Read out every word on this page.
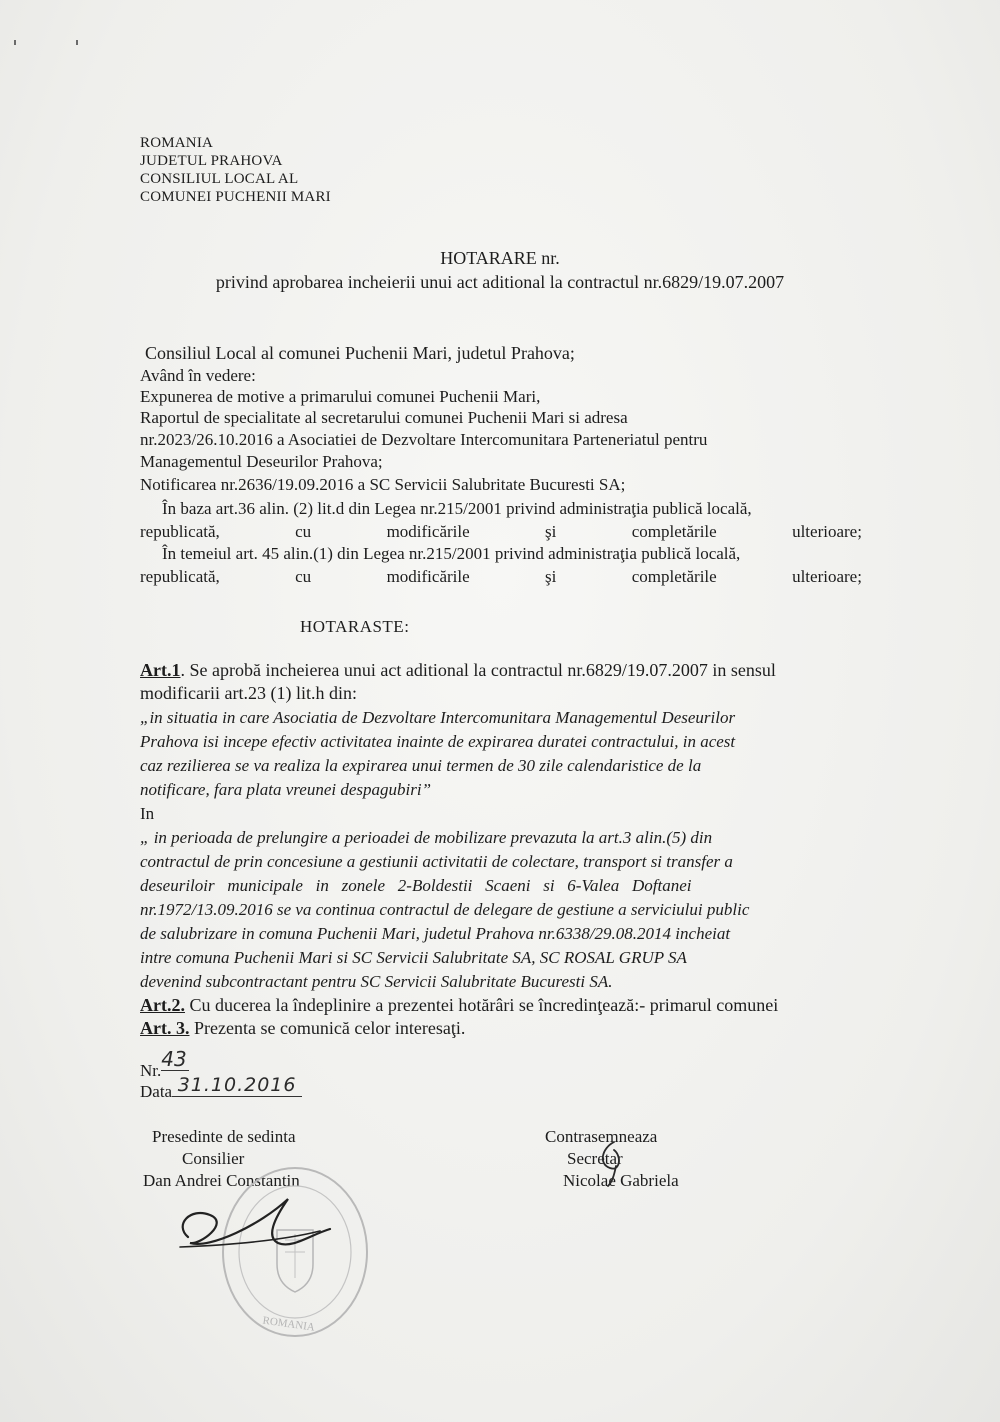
ROMANIA
JUDETUL PRAHOVA
CONSILIUL LOCAL AL
COMUNEI PUCHENII MARI
HOTARARE nr.
privind aprobarea incheierii unui act aditional la contractul nr.6829/19.07.2007
Consiliul Local al comunei Puchenii Mari, judetul Prahova;
Având în vedere:
Expunerea de motive a primarului comunei Puchenii Mari,
Raportul de specialitate al secretarului comunei Puchenii Mari si adresa
nr.2023/26.10.2016 a Asociatiei de Dezvoltare Intercomunitara Parteneriatul pentru
Managementul Deseurilor Prahova;
Notificarea nr.2636/19.09.2016 a SC Servicii Salubritate Bucuresti SA;
În baza art.36 alin. (2) lit.d din Legea nr.215/2001 privind administraţia publică locală,
republicată,	cu	modificările	şi	completările	ulterioare;
În temeiul art. 45 alin.(1) din Legea nr.215/2001 privind administraţia publică locală,
republicată,	cu	modificările	şi	completările	ulterioare;
HOTARASTE:
Art.1. Se aprobă incheierea unui act aditional la contractul nr.6829/19.07.2007 in sensul
modificarii art.23 (1) lit.h din:
„in situatia in care Asociatia de Dezvoltare Intercomunitara Managementul Deseurilor
Prahova isi incepe efectiv activitatea inainte de expirarea duratei contractului, in acest
caz rezilierea se va realiza la expirarea unui termen de 30 zile calendaristice de la
notificare, fara plata vreunei despagubiri”
In
„ in perioada de prelungire a perioadei de mobilizare prevazuta la art.3 alin.(5) din
contractul de prin concesiune a gestiunii activitatii de colectare, transport si transfer a
deseuriloir   municipale   in   zonele   2-Boldestii   Scaeni   si   6-Valea   Doftanei
nr.1972/13.09.2016 se va continua contractul de delegare de gestiune a serviciului public
de salubrizare in comuna Puchenii Mari, judetul Prahova nr.6338/29.08.2014 incheiat
intre comuna Puchenii Mari si SC Servicii Salubritate SA, SC ROSAL GRUP SA
devenind subcontractant pentru SC Servicii Salubritate Bucuresti SA.
Art.2. Cu ducerea la îndeplinire a prezentei hotărâri se încredinţează:- primarul comunei
Art. 3. Prezenta se comunică celor interesaţi.
Nr.43
Data 31.10.2016
Presedinte de sedinta
Consilier
Dan Andrei Constantin
Contrasemneaza
Secretar
Nicolae Gabriela
ROMANIA
